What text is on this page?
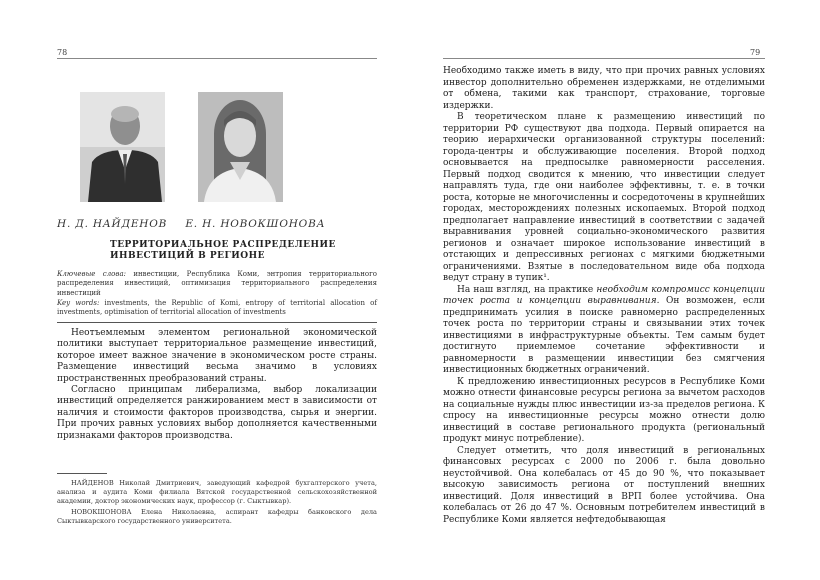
78
Н. Д. НАЙДЕНОВ Е. Н. НОВОКШОНОВА
ТЕРРИТОРИАЛЬНОЕ РАСПРЕДЕЛЕНИЕ
ИНВЕСТИЦИЙ В РЕГИОНЕ
Ключевые слова: инвестиции, Республика Коми, энтропия территориального распределения инвестиций, оптимизация территориального распределения инвестиций
Key words: investments, the Republic of Komi, entropy of territorial allocation of investments, optimisation of territorial allocation of investments

Неотъемлемым элементом региональной экономической политики выступает территориальное размещение инвестиций, которое имеет важное значение в экономическом росте страны. Размещение инвестиций весьма значимо в условиях пространственных преобразований страны.

Согласно принципам либерализма, выбор локализации инвестиций определяется ранжированием мест в зависимости от наличия и стоимости факторов производства, сырья и энергии. При прочих равных условиях выбор дополняется качественными признаками факторов производства.

НАЙДЕНОВ Николай Дмитриевич, заведующий кафедрой бухгалтерского учета, анализа и аудита Коми филиала Вятской государственной сельскохозяйственной академии, доктор экономических наук, профессор (г. Сыктывкар).

НОВОКШОНОВА Елена Николаевна, аспирант кафедры банковского дела Сыктывкарского государственного университета.

79

Необходимо также иметь в виду, что при прочих равных условиях инвестор дополнительно обременен издержками, не отделимыми от обмена, такими как транспорт, страхование, торговые издержки.

В теоретическом плане к размещению инвестиций по территории РФ существуют два подхода. Первый опирается на теорию иерархически организованной структуры поселений: города-центры и обслуживающие поселения. Второй подход основывается на предпосылке равномерности расселения. Первый подход сводится к мнению, что инвестиции следует направлять туда, где они наиболее эффективны, т. е. в точки роста, которые не многочисленны и сосредоточены в крупнейших городах, месторождениях полезных ископаемых. Второй подход предполагает направление инвестиций в соответствии с задачей выравнивания уровней социально-экономического развития регионов и означает широкое использование инвестиций в отстающих и депрессивных регионах с мягкими бюджетными ограничениями. Взятые в последовательном виде оба подхода ведут страну в тупик¹.

На наш взгляд, на практике необходим компромисс концепции точек роста и концепции выравнивания. Он возможен, если предпринимать усилия в поиске равномерно распределенных точек роста по территории страны и связывании этих точек инвестициями в инфраструктурные объекты. Тем самым будет достигнуто приемлемое сочетание эффективности и равномерности в размещении инвестиции без смягчения инвестиционных бюджетных ограничений.

К предложению инвестиционных ресурсов в Республике Коми можно отнести финансовые ресурсы региона за вычетом расходов на социальные нужды плюс инвестиции из-за пределов региона. К спросу на инвестиционные ресурсы можно отнести долю инвестиций в составе регионального продукта (региональный продукт минус потребление).

Следует отметить, что доля инвестиций в региональных финансовых ресурсах с 2000 по 2006 г. была довольно неустойчивой. Она колебалась от 45 до 90 %, что показывает высокую зависимость региона от поступлений внешних инвестиций. Доля инвестиций в ВРП более устойчива. Она колебалась от 26 до 47 %. Основным потребителем инвестиций в Республике Коми является нефтедобывающая
